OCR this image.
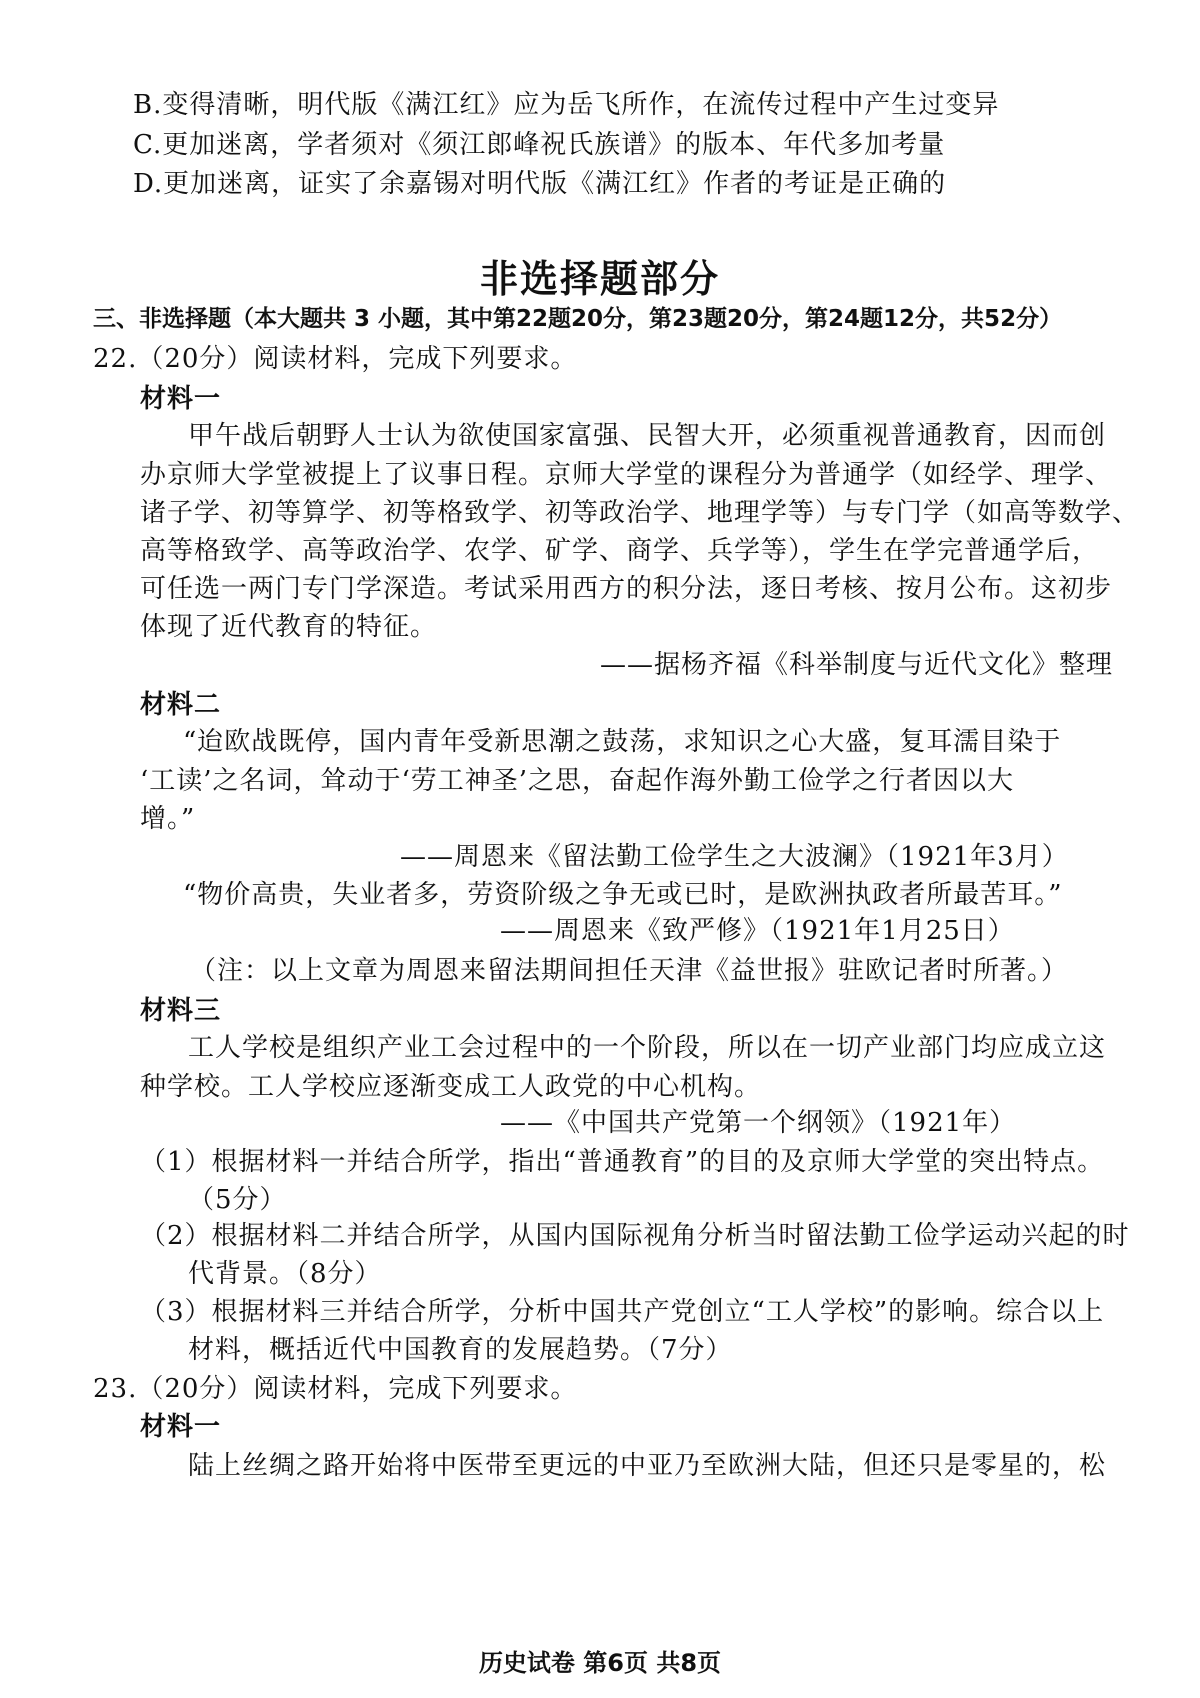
B.变得清晰，明代版《满江红》应为岳飞所作，在流传过程中产生过变异
C.更加迷离，学者须对《须江郎峰祝氏族谱》的版本、年代多加考量
D.更加迷离，证实了余嘉锡对明代版《满江红》作者的考证是正确的
非选择题部分
三、非选择题（本大题共 3 小题，其中第22题20分，第23题20分，第24题12分，共52分）
22.（20分）阅读材料，完成下列要求。
材料一
甲午战后朝野人士认为欲使国家富强、民智大开，必须重视普通教育，因而创
办京师大学堂被提上了议事日程。京师大学堂的课程分为普通学（如经学、理学、
诸子学、初等算学、初等格致学、初等政治学、地理学等）与专门学（如高等数学、
高等格致学、高等政治学、农学、矿学、商学、兵学等），学生在学完普通学后，
可任选一两门专门学深造。考试采用西方的积分法，逐日考核、按月公布。这初步
体现了近代教育的特征。
——据杨齐福《科举制度与近代文化》整理
材料二
“迨欧战既停，国内青年受新思潮之鼓荡，求知识之心大盛，复耳濡目染于
‘工读’之名词，耸动于‘劳工神圣’之思，奋起作海外勤工俭学之行者因以大
增。”
——周恩来《留法勤工俭学生之大波澜》（1921年3月）
“物价高贵，失业者多，劳资阶级之争无或已时，是欧洲执政者所最苦耳。”
——周恩来《致严修》（1921年1月25日）
（注：以上文章为周恩来留法期间担任天津《益世报》驻欧记者时所著。）
材料三
工人学校是组织产业工会过程中的一个阶段，所以在一切产业部门均应成立这
种学校。工人学校应逐渐变成工人政党的中心机构。
——《中国共产党第一个纲领》（1921年）
（1）根据材料一并结合所学，指出“普通教育”的目的及京师大学堂的突出特点。
（5分）
（2）根据材料二并结合所学，从国内国际视角分析当时留法勤工俭学运动兴起的时
代背景。（8分）
（3）根据材料三并结合所学，分析中国共产党创立“工人学校”的影响。综合以上
材料，概括近代中国教育的发展趋势。（7分）
23.（20分）阅读材料，完成下列要求。
材料一
陆上丝绸之路开始将中医带至更远的中亚乃至欧洲大陆，但还只是零星的，松
历史试卷 第6页 共8页
